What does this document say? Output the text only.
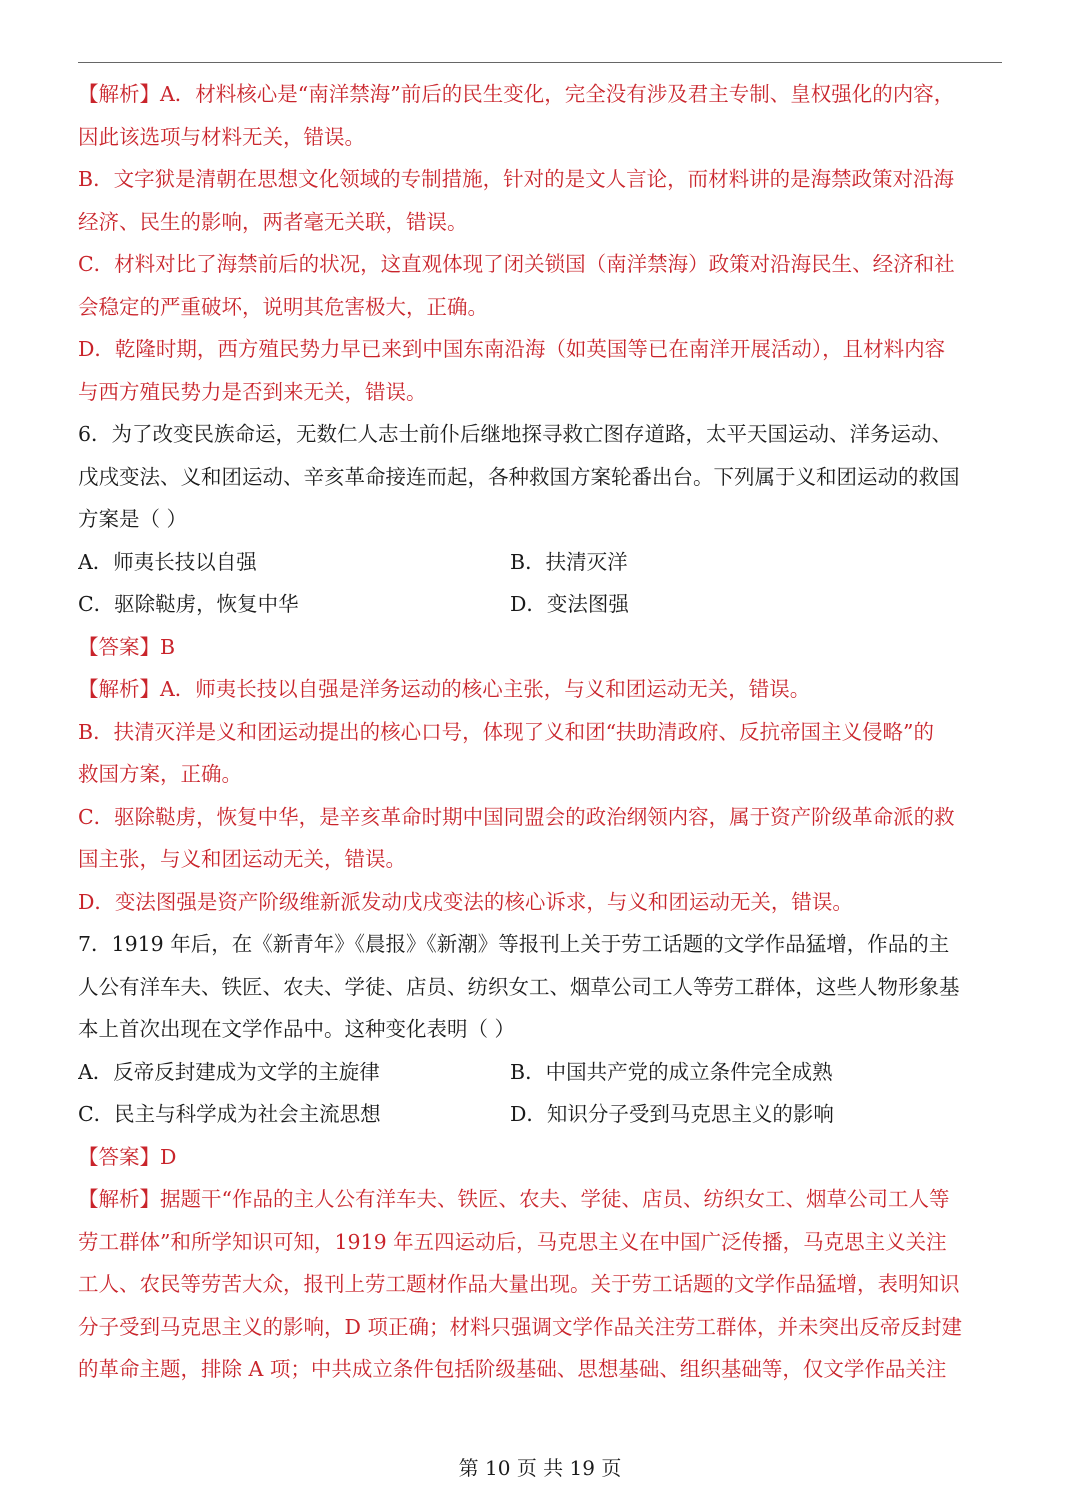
【解析】A．材料核心是“南洋禁海”前后的民生变化，完全没有涉及君主专制、皇权强化的内容，
因此该选项与材料无关，错误。
B．文字狱是清朝在思想文化领域的专制措施，针对的是文人言论，而材料讲的是海禁政策对沿海
经济、民生的影响，两者毫无关联，错误。
C．材料对比了海禁前后的状况，这直观体现了闭关锁国（南洋禁海）政策对沿海民生、经济和社
会稳定的严重破坏，说明其危害极大，正确。
D．乾隆时期，西方殖民势力早已来到中国东南沿海（如英国等已在南洋开展活动），且材料内容
与西方殖民势力是否到来无关，错误。
6．为了改变民族命运，无数仁人志士前仆后继地探寻救亡图存道路，太平天国运动、洋务运动、
戊戌变法、义和团运动、辛亥革命接连而起，各种救国方案轮番出台。下列属于义和团运动的救国
方案是（ ）
A．师夷长技以自强	B．扶清灭洋
C．驱除鞑虏，恢复中华	D．变法图强
【答案】B
【解析】A．师夷长技以自强是洋务运动的核心主张，与义和团运动无关，错误。
B．扶清灭洋是义和团运动提出的核心口号，体现了义和团“扶助清政府、反抗帝国主义侵略”的
救国方案，正确。
C．驱除鞑虏，恢复中华，是辛亥革命时期中国同盟会的政治纲领内容，属于资产阶级革命派的救
国主张，与义和团运动无关，错误。
D．变法图强是资产阶级维新派发动戊戌变法的核心诉求，与义和团运动无关，错误。
7．1919 年后，在《新青年》《晨报》《新潮》等报刊上关于劳工话题的文学作品猛增，作品的主
人公有洋车夫、铁匠、农夫、学徒、店员、纺织女工、烟草公司工人等劳工群体，这些人物形象基
本上首次出现在文学作品中。这种变化表明（ ）
A．反帝反封建成为文学的主旋律	B．中国共产党的成立条件完全成熟
C．民主与科学成为社会主流思想	D．知识分子受到马克思主义的影响
【答案】D
【解析】据题干“作品的主人公有洋车夫、铁匠、农夫、学徒、店员、纺织女工、烟草公司工人等
劳工群体”和所学知识可知，1919 年五四运动后，马克思主义在中国广泛传播，马克思主义关注
工人、农民等劳苦大众，报刊上劳工题材作品大量出现。关于劳工话题的文学作品猛增，表明知识
分子受到马克思主义的影响，D 项正确；材料只强调文学作品关注劳工群体，并未突出反帝反封建
的革命主题，排除 A 项；中共成立条件包括阶级基础、思想基础、组织基础等，仅文学作品关注
第 10 页 共 19 页
